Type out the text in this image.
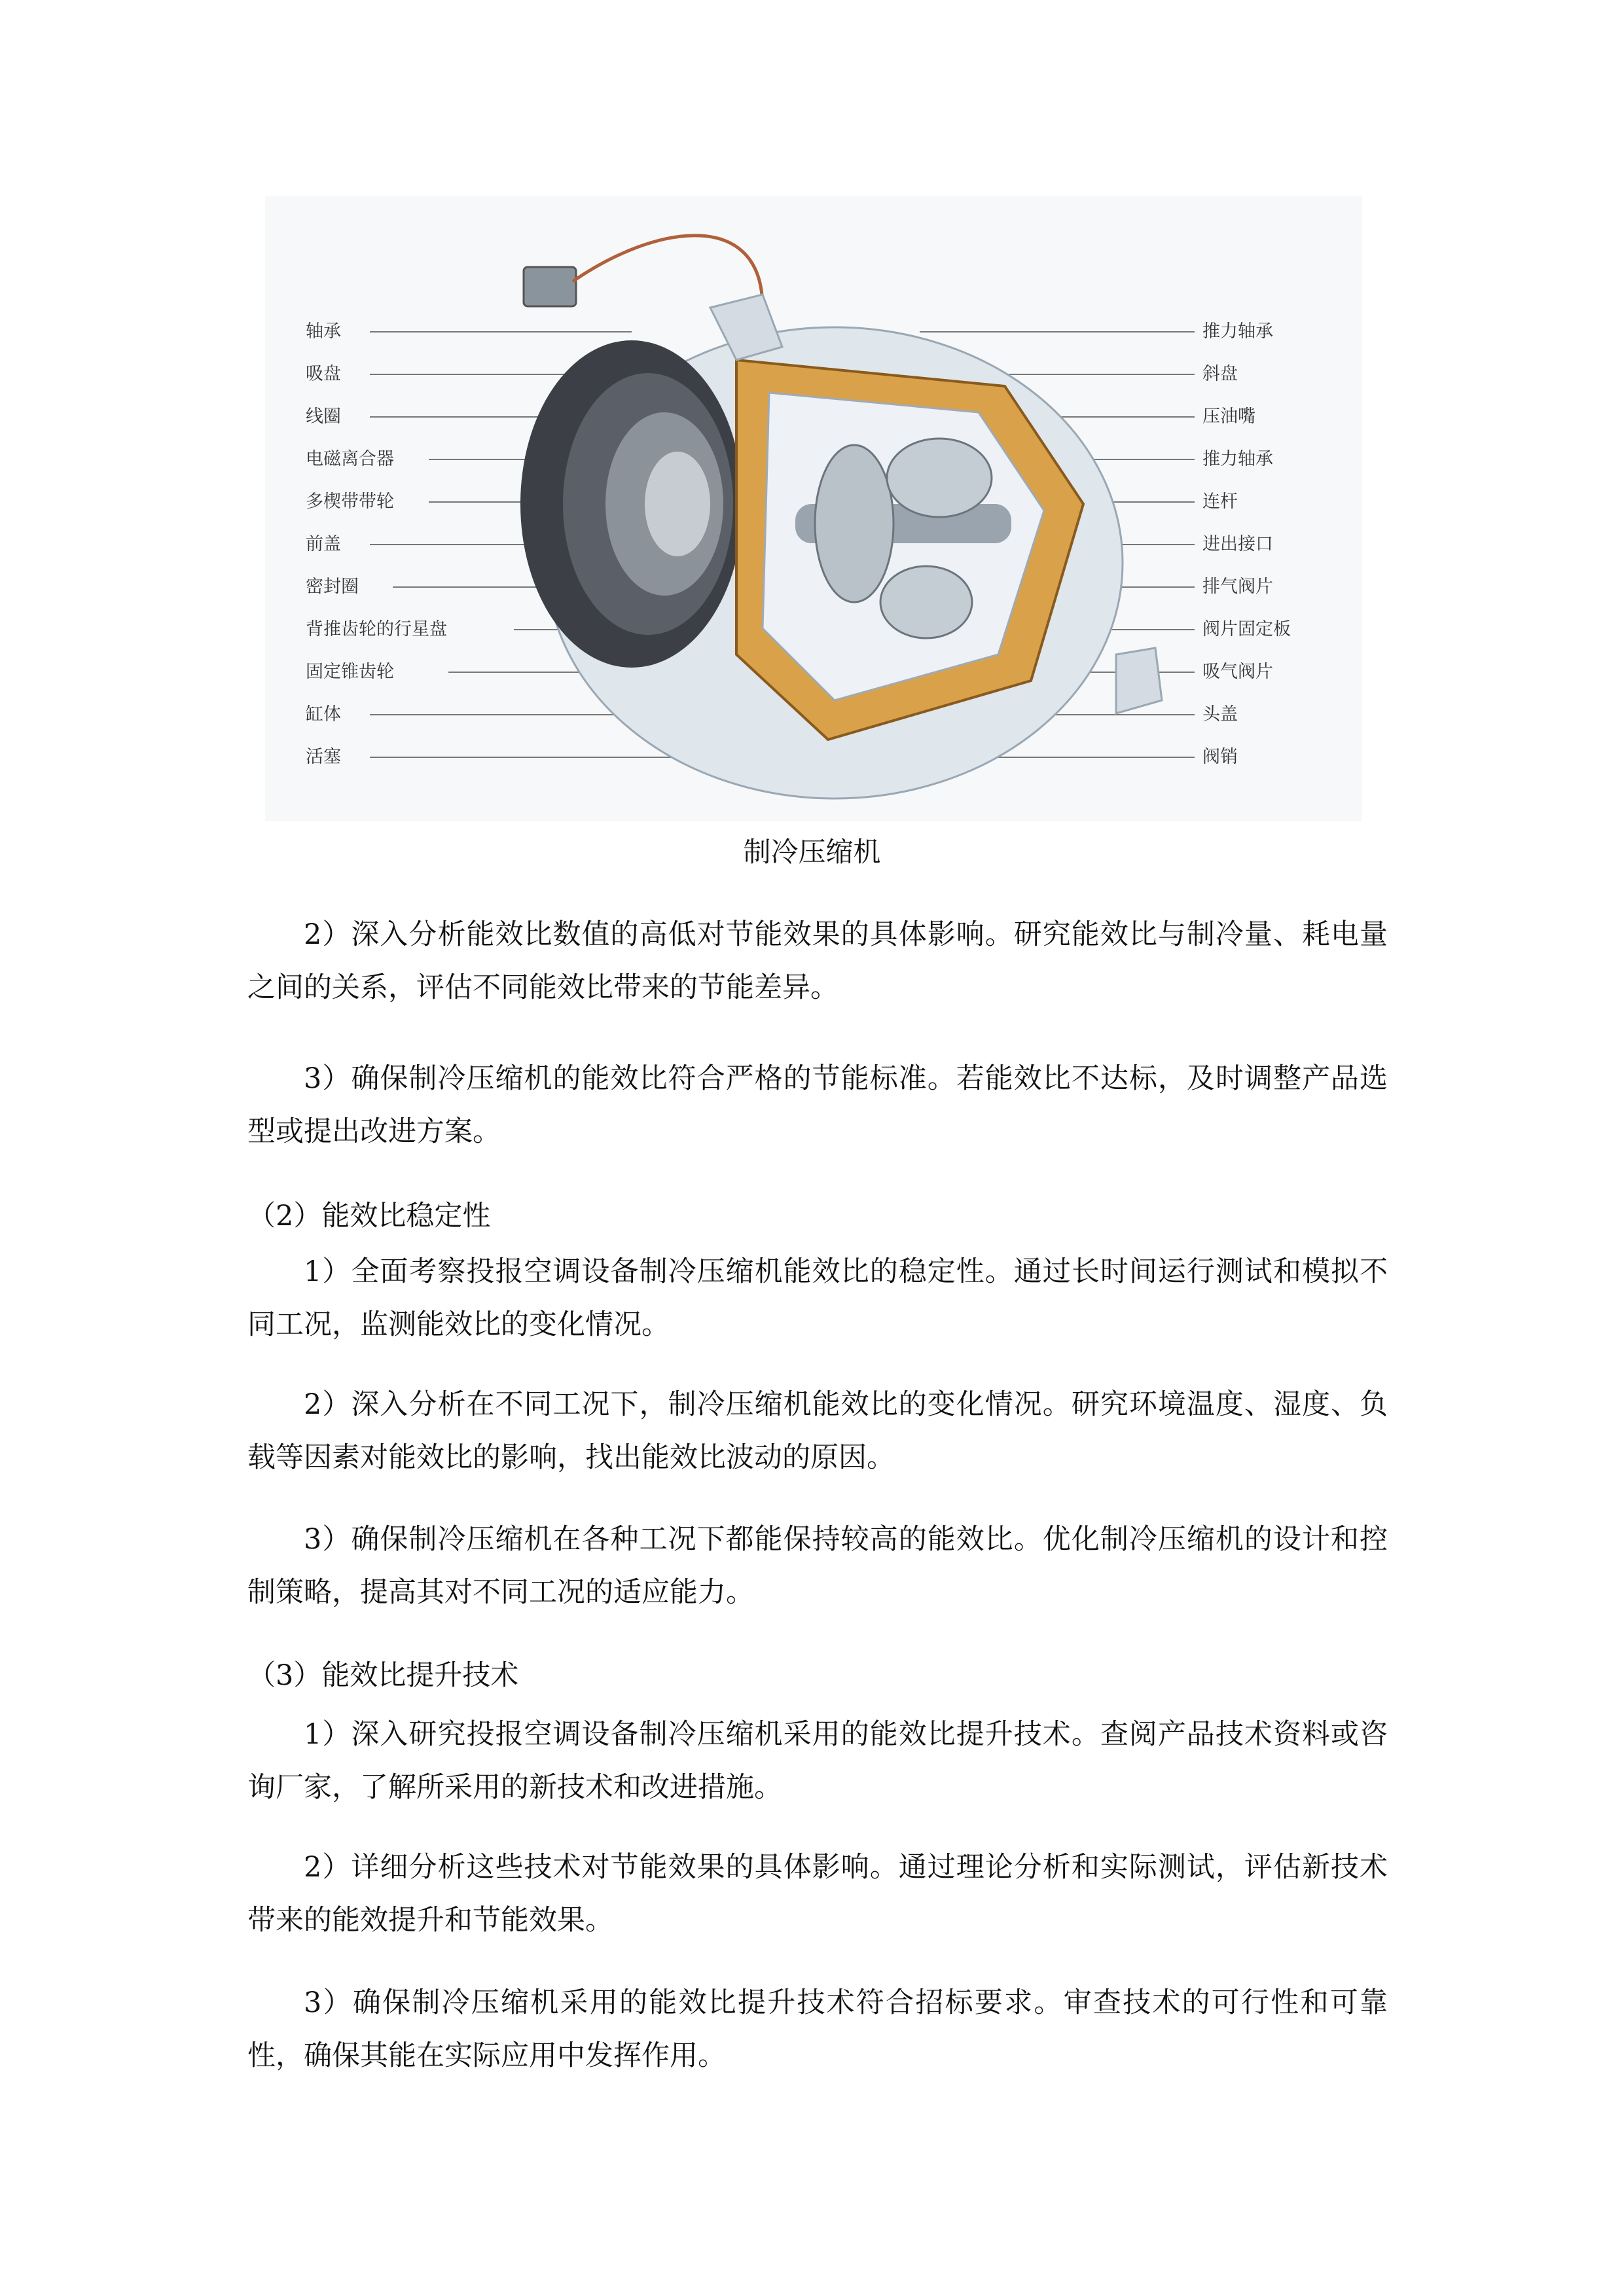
轴承
吸盘
线圈
电磁离合器
多楔带带轮
前盖
密封圈
背推齿轮的行星盘
固定锥齿轮
缸体
活塞
推力轴承
斜盘
压油嘴
推力轴承
连杆
进出接口
排气阀片
阀片固定板
吸气阀片
头盖
阀销
制冷压缩机

2）深入分析能效比数值的高低对节能效果的具体影响。研究能效比与制冷量、耗电量之间的关系，评估不同能效比带来的节能差异。

3）确保制冷压缩机的能效比符合严格的节能标准。若能效比不达标，及时调整产品选型或提出改进方案。

（2）能效比稳定性

1）全面考察投报空调设备制冷压缩机能效比的稳定性。通过长时间运行测试和模拟不同工况，监测能效比的变化情况。

2）深入分析在不同工况下，制冷压缩机能效比的变化情况。研究环境温度、湿度、负载等因素对能效比的影响，找出能效比波动的原因。

3）确保制冷压缩机在各种工况下都能保持较高的能效比。优化制冷压缩机的设计和控制策略，提高其对不同工况的适应能力。

（3）能效比提升技术

1）深入研究投报空调设备制冷压缩机采用的能效比提升技术。查阅产品技术资料或咨询厂家，了解所采用的新技术和改进措施。

2）详细分析这些技术对节能效果的具体影响。通过理论分析和实际测试，评估新技术带来的能效提升和节能效果。

3）确保制冷压缩机采用的能效比提升技术符合招标要求。审查技术的可行性和可靠性，确保其能在实际应用中发挥作用。
